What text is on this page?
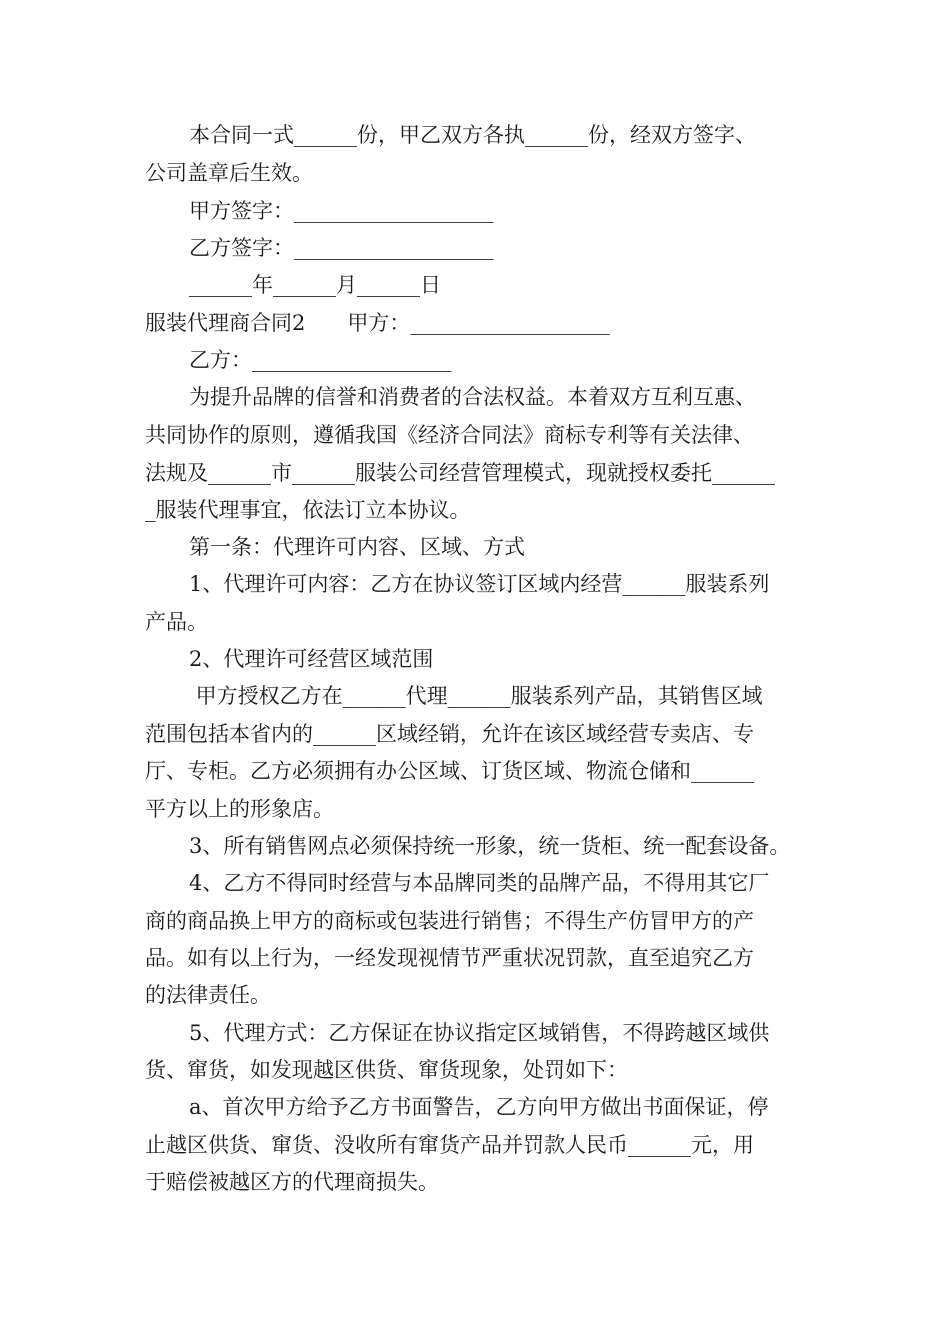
本合同一式______份，甲乙双方各执______份，经双方签字、
公司盖章后生效。
甲方签字：___________________
乙方签字：___________________
______年______月______日
服装代理商合同2　　甲方：___________________
乙方：___________________
为提升品牌的信誉和消费者的合法权益。本着双方互利互惠、
共同协作的原则，遵循我国《经济合同法》商标专利等有关法律、
法规及______市______服装公司经营管理模式，现就授权委托______
_服装代理事宜，依法订立本协议。
第一条：代理许可内容、区域、方式
1、代理许可内容：乙方在协议签订区域内经营______服装系列
产品。
2、代理许可经营区域范围
甲方授权乙方在______代理______服装系列产品，其销售区域
范围包括本省内的______区域经销，允许在该区域经营专卖店、专
厅、专柜。乙方必须拥有办公区域、订货区域、物流仓储和______
平方以上的形象店。
3、所有销售网点必须保持统一形象，统一货柜、统一配套设备。
4、乙方不得同时经营与本品牌同类的品牌产品，不得用其它厂
商的商品换上甲方的商标或包装进行销售；不得生产仿冒甲方的产
品。如有以上行为，一经发现视情节严重状况罚款，直至追究乙方
的法律责任。
5、代理方式：乙方保证在协议指定区域销售，不得跨越区域供
货、窜货，如发现越区供货、窜货现象，处罚如下：
a、首次甲方给予乙方书面警告，乙方向甲方做出书面保证，停
止越区供货、窜货、没收所有窜货产品并罚款人民币______元，用
于赔偿被越区方的代理商损失。
